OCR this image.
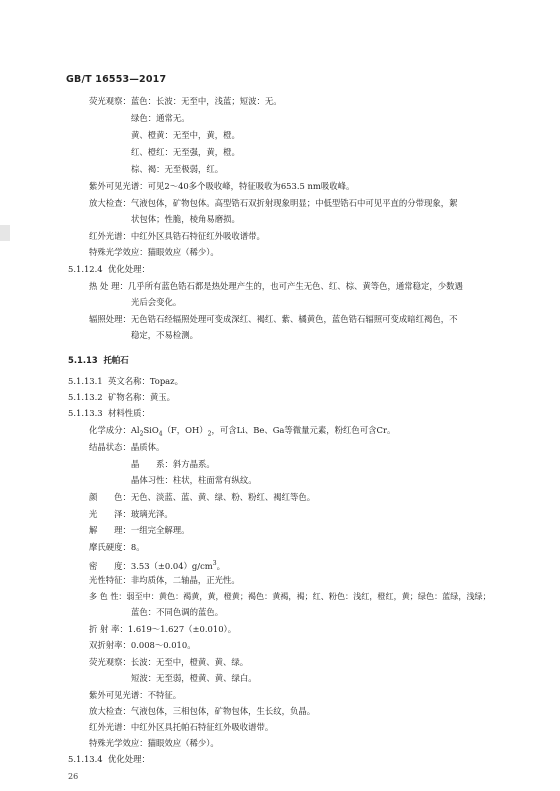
GB/T 16553—2017
荧光观察：蓝色：长波：无至中，浅蓝；短波：无。
绿色：通常无。
黄、橙黄：无至中，黄，橙。
红、橙红：无至强，黄，橙。
棕、褐：无至极弱，红。
紫外可见光谱：可见2～40多个吸收峰，特征吸收为653.5 nm吸收峰。
放大检查：气液包体，矿物包体。高型锆石双折射现象明显；中低型锆石中可见平直的分带现象，絮
状包体；性脆，棱角易磨损。
红外光谱：中红外区具锆石特征红外吸收谱带。
特殊光学效应：猫眼效应（稀少）。
5.1.12.4 优化处理：
热 处 理：几乎所有蓝色锆石都是热处理产生的，也可产生无色、红、棕、黄等色，通常稳定，少数遇
光后会变化。
辐照处理：无色锆石经辐照处理可变成深红、褐红、紫、橘黄色，蓝色锆石辐照可变成暗红褐色，不
稳定，不易检测。
5.1.13 托帕石
5.1.13.1 英文名称：Topaz。
5.1.13.2 矿物名称：黄玉。
5.1.13.3 材料性质：
化学成分：$Al_2SiO_4(F$，$OH)_2$，可含Li、Be、Ga等微量元素，粉红色可含Cr。
结晶状态：晶质体。
晶　　系：斜方晶系。
晶体习性：柱状，柱面常有纵纹。
颜　　色：无色、淡蓝、蓝、黄、绿、粉、粉红、褐红等色。
光　　泽：玻璃光泽。
解　　理：一组完全解理。
摩氏硬度：8。
密　　度：$3.53(\pm 0.04)g/cm^3$。
光性特征：非均质体，二轴晶，正光性。
多 色 性：弱至中：黄色：褐黄，黄，橙黄；褐色：黄褐，褐；红、粉色：浅红，橙红，黄；绿色：蓝绿，浅绿；
蓝色：不同色调的蓝色。
折 射 率：1.619～1.627（±0.010）。
双折射率：0.008～0.010。
荧光观察：长波：无至中，橙黄、黄、绿。
短波：无至弱，橙黄、黄、绿白。
紫外可见光谱：不特征。
放大检查：气液包体，三相包体，矿物包体，生长纹，负晶。
红外光谱：中红外区具托帕石特征红外吸收谱带。
特殊光学效应：猫眼效应（稀少）。
5.1.13.4 优化处理：
26
